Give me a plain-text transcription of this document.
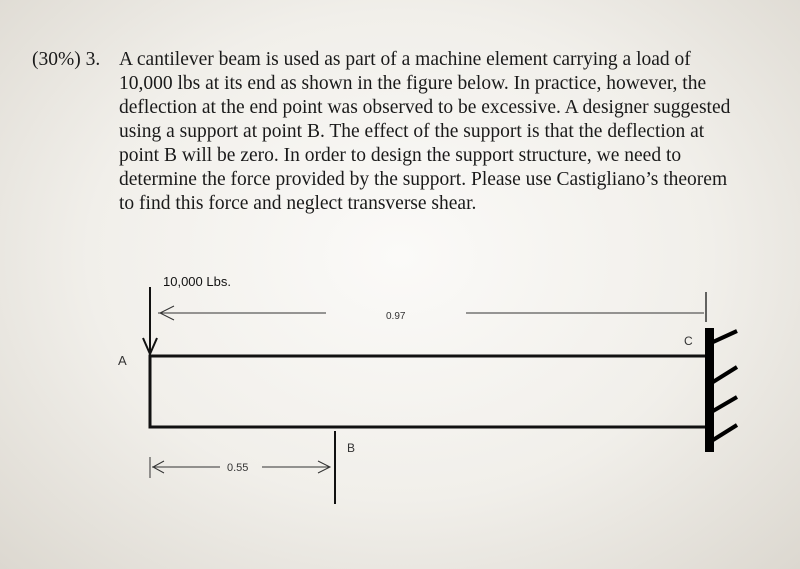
(30%) 3. A cantilever beam is used as part of a machine element carrying a load of
10,000 lbs at its end as shown in the figure below. In practice, however, the
deflection at the end point was observed to be excessive. A designer suggested
using a support at point B. The effect of the support is that the deflection at
point B will be zero. In order to design the support structure, we need to
determine the force provided by the support. Please use Castigliano’s theorem
to find this force and neglect transverse shear.
10,000 Lbs.
A
B
C
0.97
0.55
